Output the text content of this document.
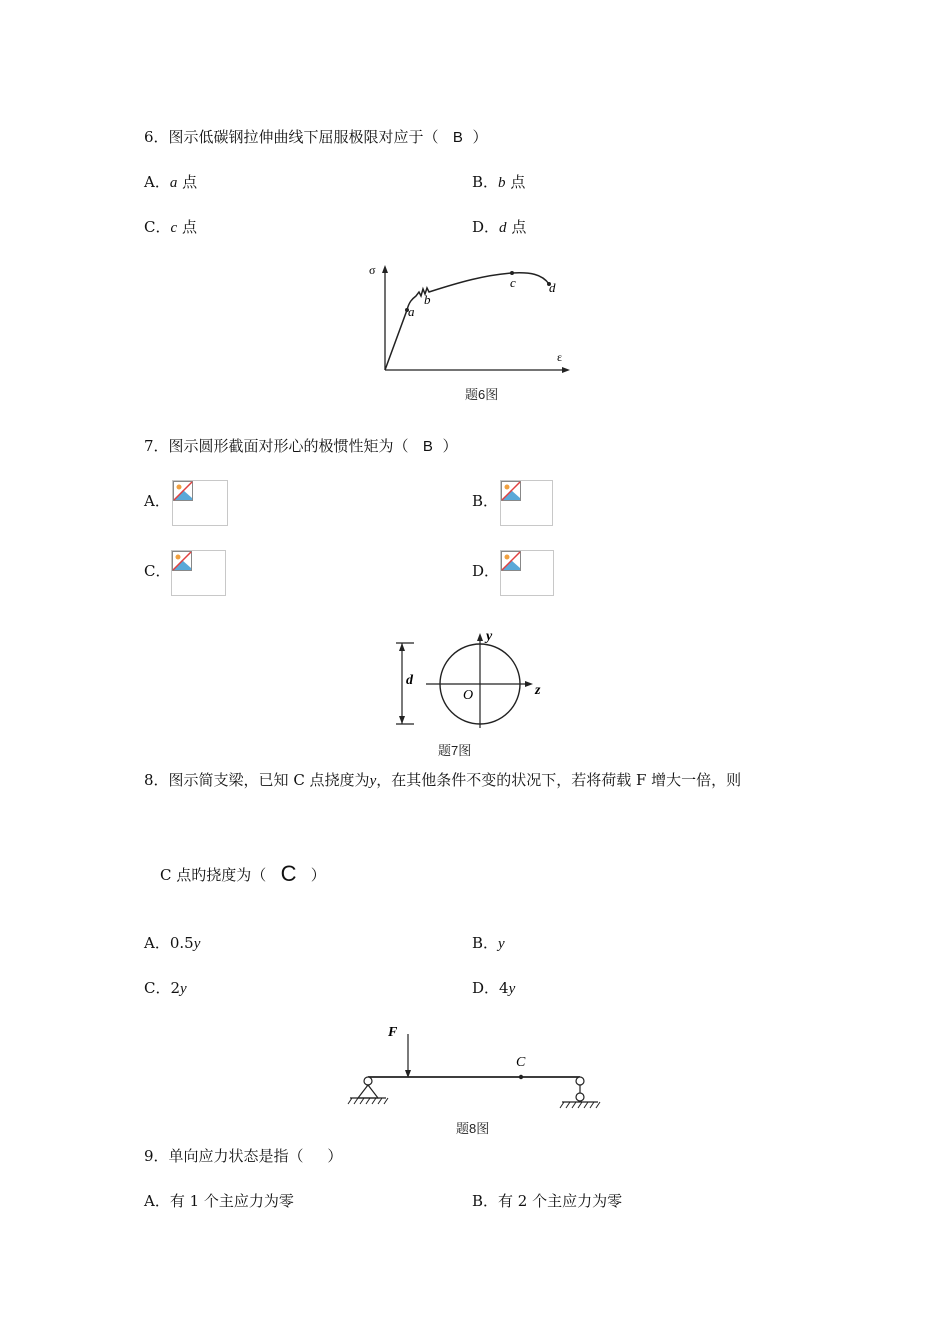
6．图示低碳钢拉伸曲线下屈服极限对应于（ B ）
A．a 点	B．b 点
C．c 点	D．d 点
σ
ε
a
b
c	d
题6图
7．图示圆形截面对形心的极惯性矩为（ B ）
A．	B．
C．	D．
d
y
z
O
题7图
8．图示简支梁，已知 C 点挠度为y，在其他条件不变的状况下，若将荷载 F 增大一倍，则
C 点旳挠度为（ C ）
A．0.5y	B．y
C．2y	D．4y
F
C
题8图
9．单向应力状态是指（ ）
A．有 1 个主应力为零	B．有 2 个主应力为零
